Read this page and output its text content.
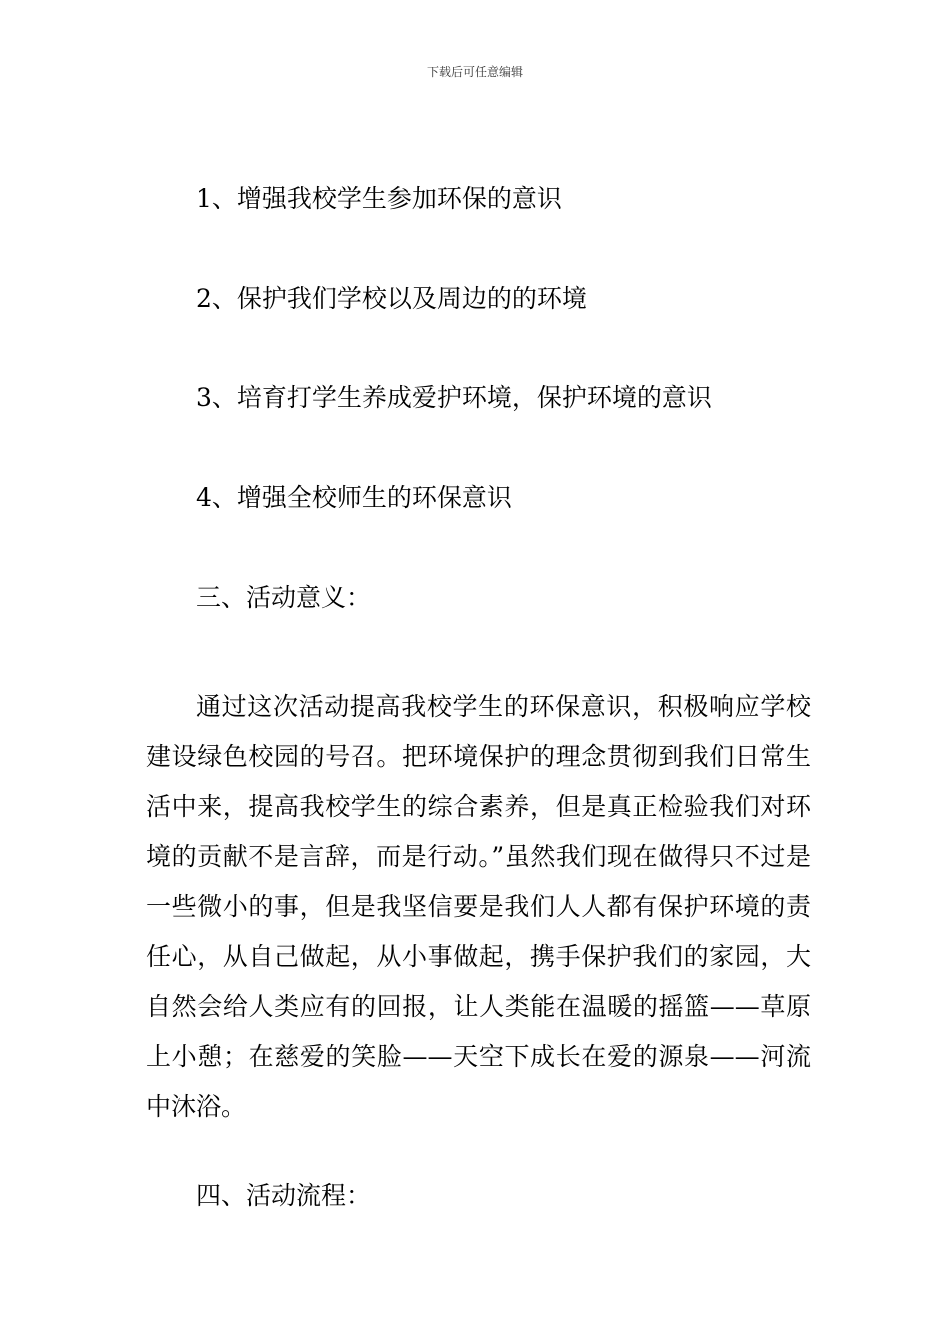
下载后可任意编辑
1、增强我校学生参加环保的意识
2、保护我们学校以及周边的的环境
3、培育打学生养成爱护环境，保护环境的意识
4、增强全校师生的环保意识
三、活动意义：
通过这次活动提高我校学生的环保意识，积极响应学校建设绿色校园的号召。把环境保护的理念贯彻到我们日常生活中来，提高我校学生的综合素养，但是真正检验我们对环境的贡献不是言辞，而是行动。”虽然我们现在做得只不过是一些微小的事，但是我坚信要是我们人人都有保护环境的责任心，从自己做起，从小事做起，携手保护我们的家园，大自然会给人类应有的回报，让人类能在温暖的摇篮——草原上小憩；在慈爱的笑脸——天空下成长在爱的源泉——河流中沐浴。
四、活动流程：
